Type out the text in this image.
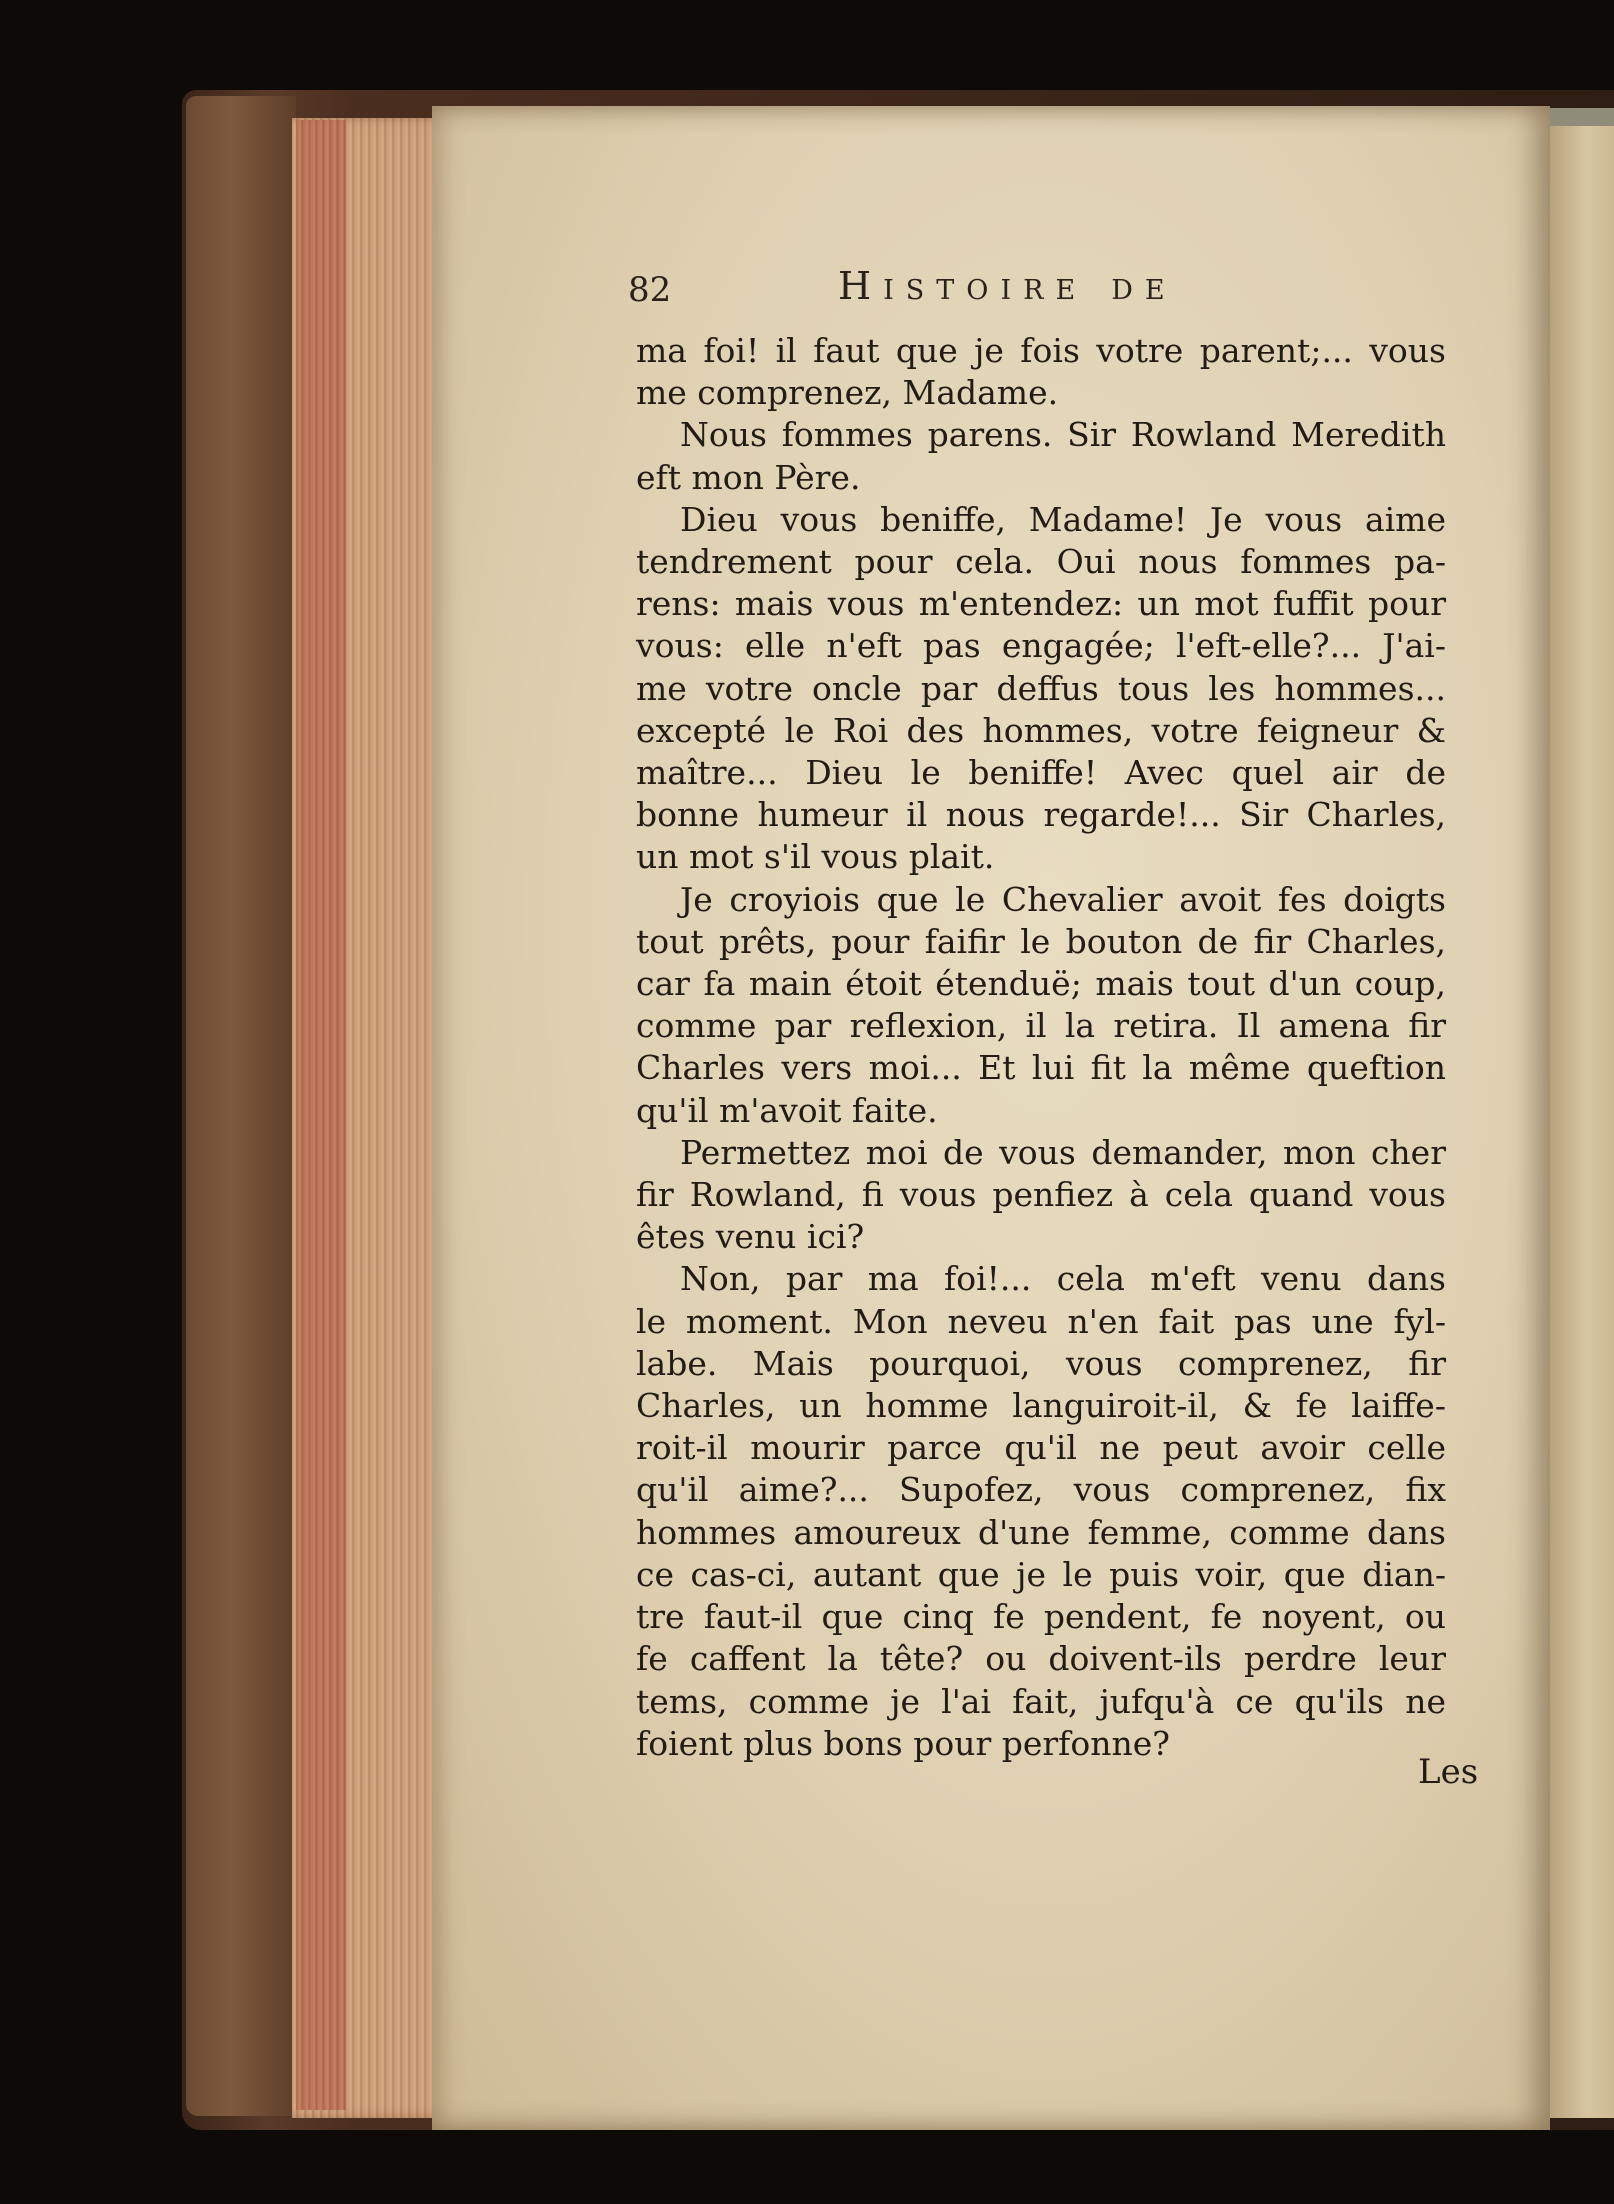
82	Histoire de
ma foi! il faut que je fois votre parent;... vous
me comprenez, Madame.
Nous fommes parens. Sir Rowland Meredith
eft mon Père.
Dieu vous beniffe, Madame! Je vous aime
tendrement pour cela. Oui nous fommes pa-
rens: mais vous m'entendez: un mot fuffit pour
vous: elle n'eft pas engagée; l'eft-elle?... J'ai-
me votre oncle par deffus tous les hommes...
excepté le Roi des hommes, votre feigneur &
maître... Dieu le beniffe! Avec quel air de
bonne humeur il nous regarde!... Sir Charles,
un mot s'il vous plait.
Je croyiois que le Chevalier avoit fes doigts
tout prêts, pour faifir le bouton de fir Charles,
car fa main étoit étenduë; mais tout d'un coup,
comme par reflexion, il la retira. Il amena fir
Charles vers moi... Et lui fit la même queftion
qu'il m'avoit faite.
Permettez moi de vous demander, mon cher
fir Rowland, fi vous penfiez à cela quand vous
êtes venu ici?
Non, par ma foi!... cela m'eft venu dans
le moment. Mon neveu n'en fait pas une fyl-
labe. Mais pourquoi, vous comprenez, fir
Charles, un homme languiroit-il, & fe laiffe-
roit-il mourir parce qu'il ne peut avoir celle
qu'il aime?... Supofez, vous comprenez, fix
hommes amoureux d'une femme, comme dans
ce cas-ci, autant que je le puis voir, que dian-
tre faut-il que cinq fe pendent, fe noyent, ou
fe caffent la tête? ou doivent-ils perdre leur
tems, comme je l'ai fait, jufqu'à ce qu'ils ne
foient plus bons pour perfonne?
Les
